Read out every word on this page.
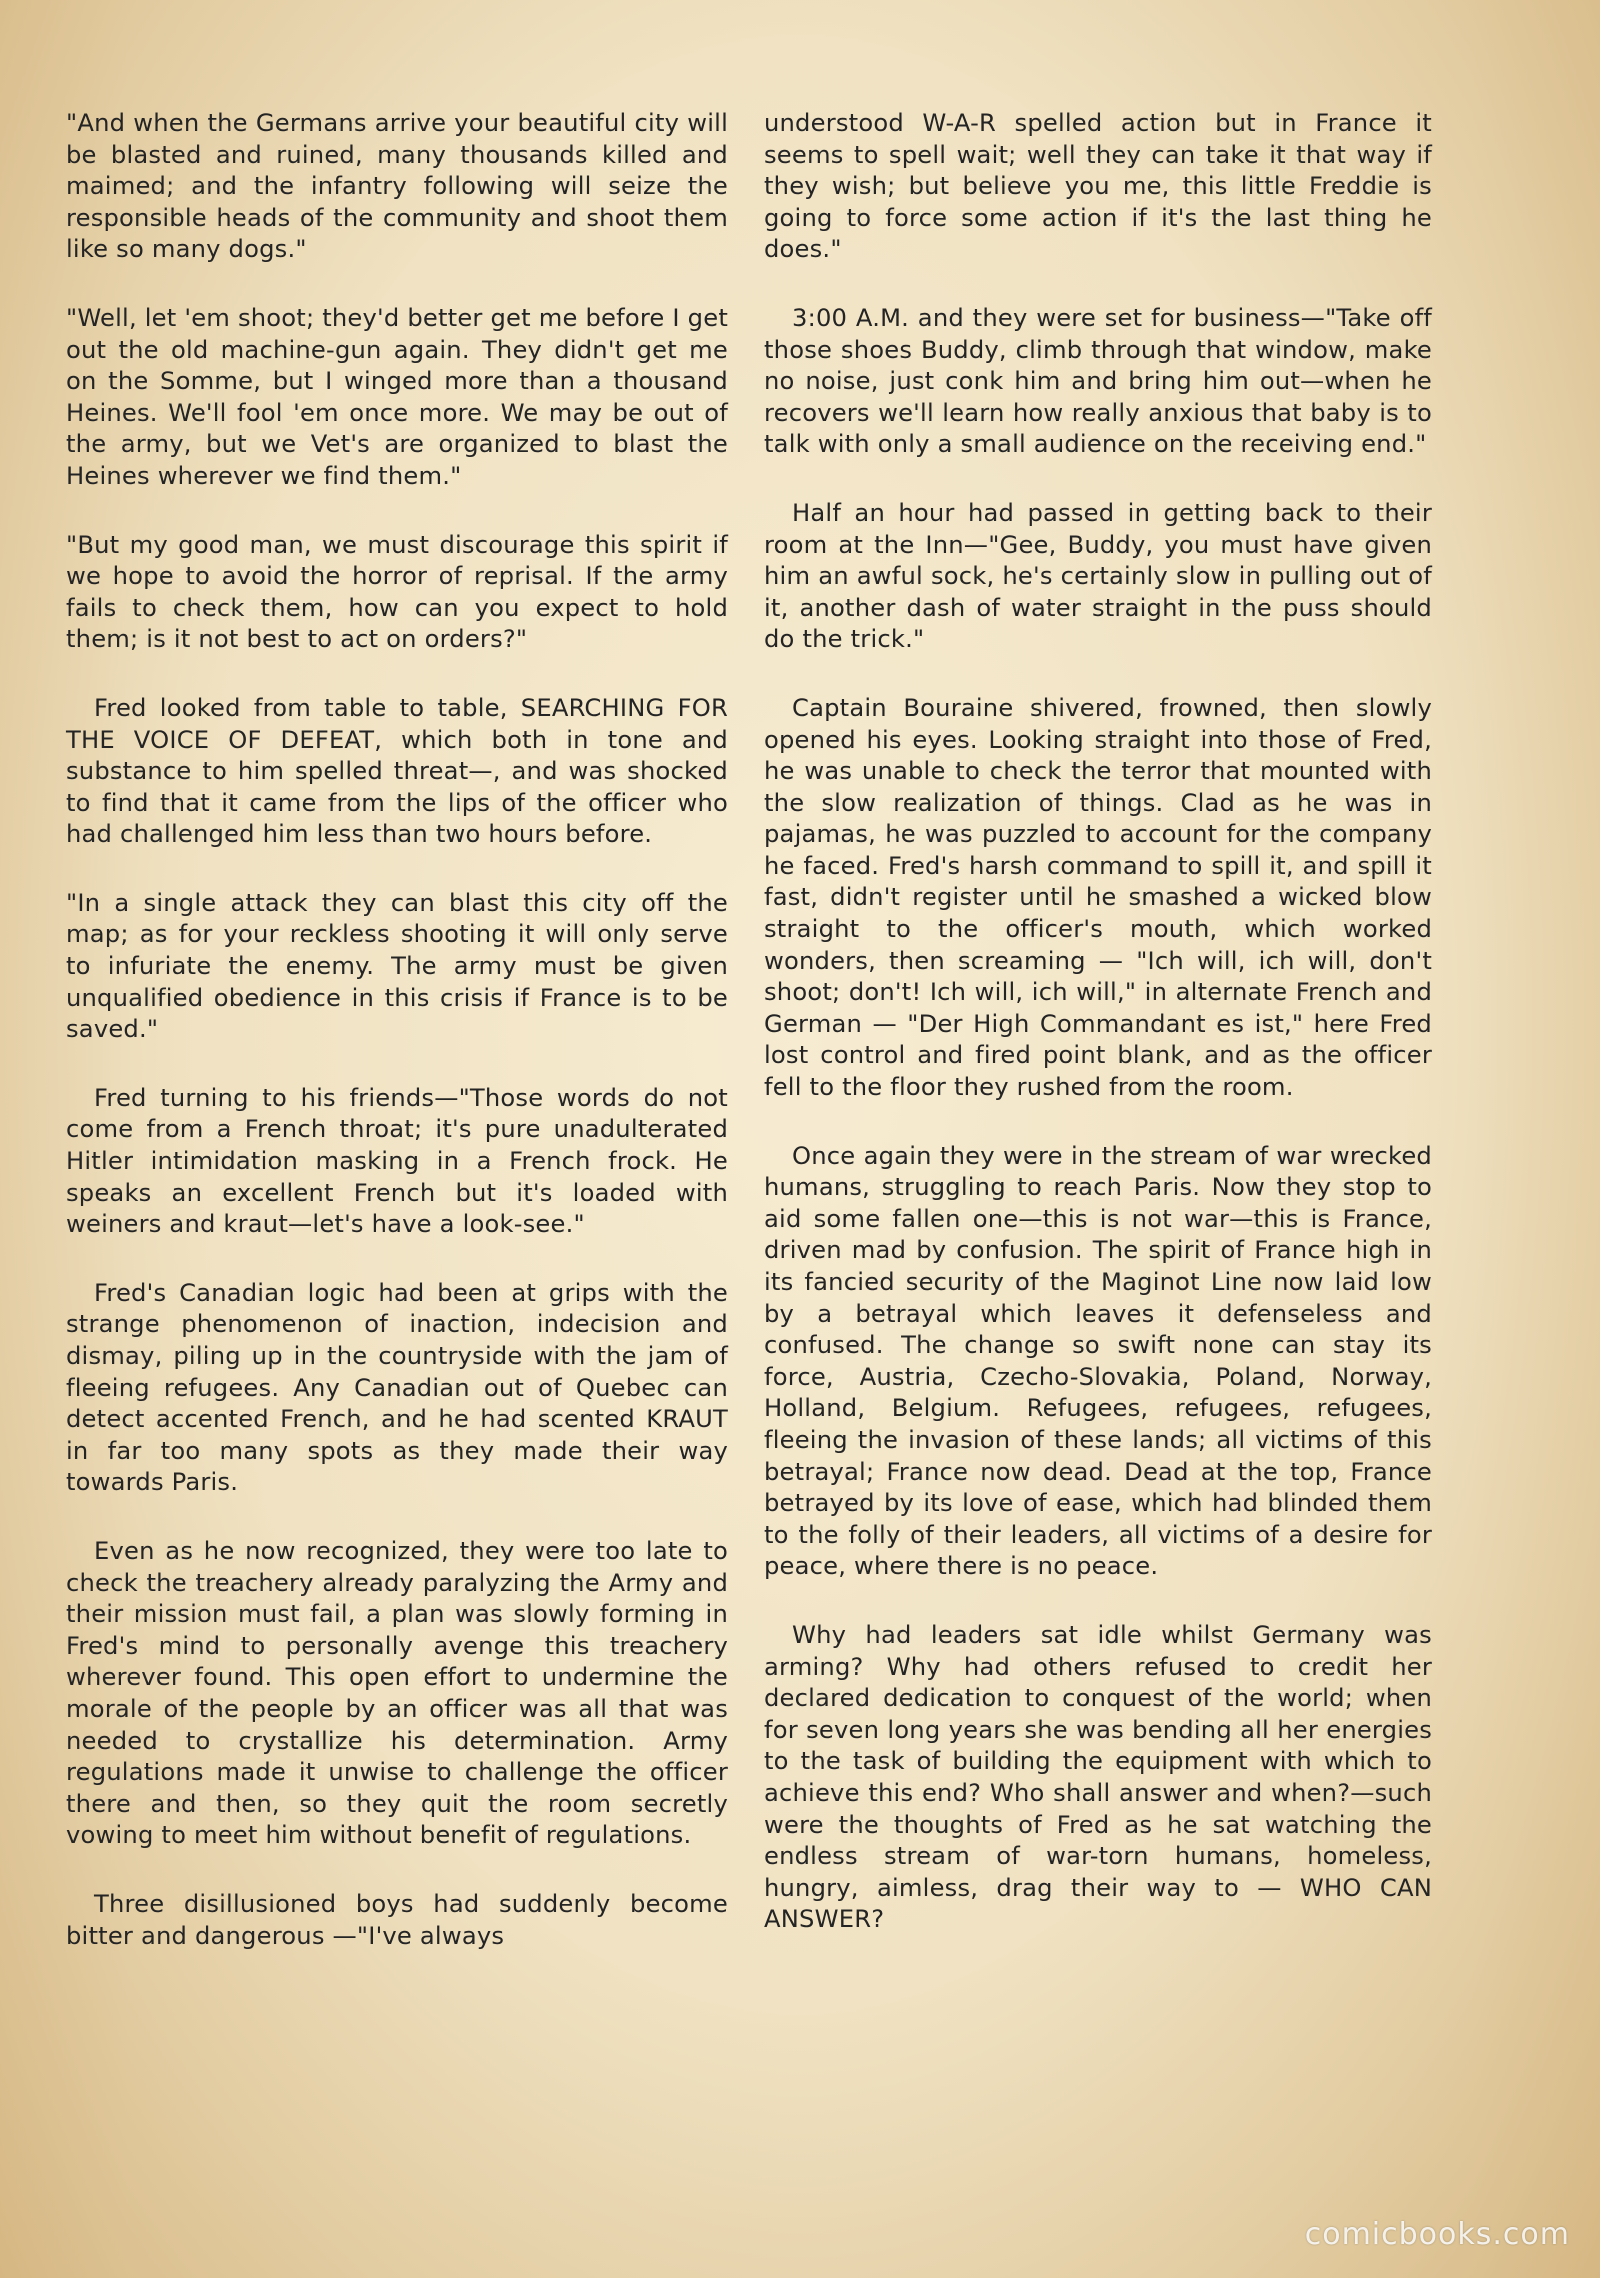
"And when the Germans arrive your beautiful city will be blasted and ruined, many thousands killed and maimed; and the infantry following will seize the responsible heads of the community and shoot them like so many dogs."

"Well, let 'em shoot; they'd better get me before I get out the old machine-gun again. They didn't get me on the Somme, but I winged more than a thousand Heines. We'll fool 'em once more. We may be out of the army, but we Vet's are organized to blast the Heines wherever we find them."

"But my good man, we must discourage this spirit if we hope to avoid the horror of reprisal. If the army fails to check them, how can you expect to hold them; is it not best to act on orders?"

Fred looked from table to table, SEARCHING FOR THE VOICE OF DEFEAT, which both in tone and substance to him spelled threat—, and was shocked to find that it came from the lips of the officer who had challenged him less than two hours before.

"In a single attack they can blast this city off the map; as for your reckless shooting it will only serve to infuriate the enemy. The army must be given unqualified obedience in this crisis if France is to be saved."

Fred turning to his friends—"Those words do not come from a French throat; it's pure unadulterated Hitler intimidation masking in a French frock. He speaks an excellent French but it's loaded with weiners and kraut—let's have a look-see."

Fred's Canadian logic had been at grips with the strange phenomenon of inaction, indecision and dismay, piling up in the countryside with the jam of fleeing refugees. Any Canadian out of Quebec can detect accented French, and he had scented KRAUT in far too many spots as they made their way towards Paris.

Even as he now recognized, they were too late to check the treachery already paralyzing the Army and their mission must fail, a plan was slowly forming in Fred's mind to personally avenge this treachery wherever found. This open effort to undermine the morale of the people by an officer was all that was needed to crystallize his determination. Army regulations made it unwise to challenge the officer there and then, so they quit the room secretly vowing to meet him without benefit of regulations.

Three disillusioned boys had suddenly become bitter and dangerous —"I've always

understood W-A-R spelled action but in France it seems to spell wait; well they can take it that way if they wish; but believe you me, this little Freddie is going to force some action if it's the last thing he does."

3:00 A.M. and they were set for business—"Take off those shoes Buddy, climb through that window, make no noise, just conk him and bring him out—when he recovers we'll learn how really anxious that baby is to talk with only a small audience on the receiving end."

Half an hour had passed in getting back to their room at the Inn—"Gee, Buddy, you must have given him an awful sock, he's certainly slow in pulling out of it, another dash of water straight in the puss should do the trick."

Captain Bouraine shivered, frowned, then slowly opened his eyes. Looking straight into those of Fred, he was unable to check the terror that mounted with the slow realization of things. Clad as he was in pajamas, he was puzzled to account for the company he faced. Fred's harsh command to spill it, and spill it fast, didn't register until he smashed a wicked blow straight to the officer's mouth, which worked wonders, then screaming — "Ich will, ich will, don't shoot; don't! Ich will, ich will," in alternate French and German — "Der High Commandant es ist," here Fred lost control and fired point blank, and as the officer fell to the floor they rushed from the room.

Once again they were in the stream of war wrecked humans, struggling to reach Paris. Now they stop to aid some fallen one—this is not war—this is France, driven mad by confusion. The spirit of France high in its fancied security of the Maginot Line now laid low by a betrayal which leaves it defenseless and confused. The change so swift none can stay its force, Austria, Czecho-Slovakia, Poland, Norway, Holland, Belgium. Refugees, refugees, refugees, fleeing the invasion of these lands; all victims of this betrayal; France now dead. Dead at the top, France betrayed by its love of ease, which had blinded them to the folly of their leaders, all victims of a desire for peace, where there is no peace.

Why had leaders sat idle whilst Germany was arming? Why had others refused to credit her declared dedication to conquest of the world; when for seven long years she was bending all her energies to the task of building the equipment with which to achieve this end? Who shall answer and when?—such were the thoughts of Fred as he sat watching the endless stream of war-torn humans, homeless, hungry, aimless, drag their way to — WHO CAN ANSWER?

comicbooks.com
